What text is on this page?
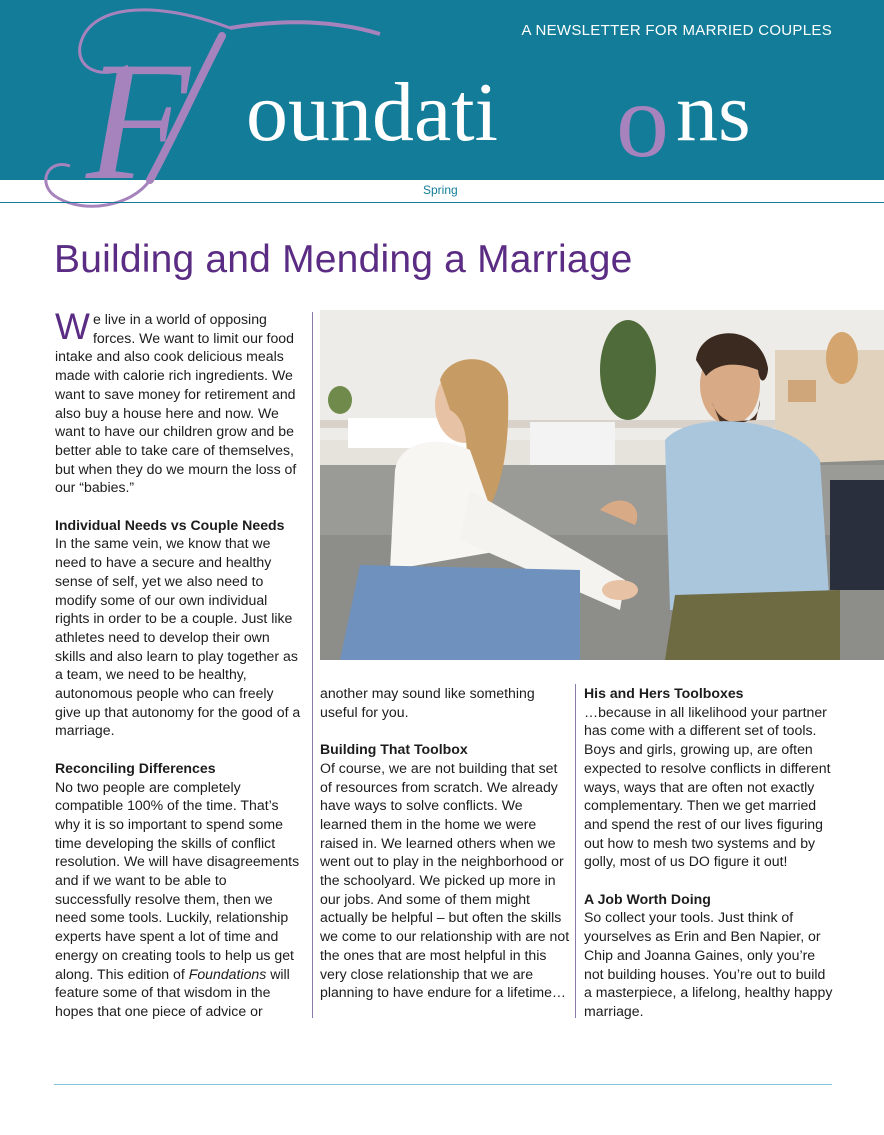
A NEWSLETTER FOR MARRIED COUPLES
F oundati o ns
Spring
Building and Mending a Marriage

We live in a world of opposing forces. We want to limit our food intake and also cook delicious meals made with calorie rich ingredients. We want to save money for retirement and also buy a house here and now. We want to have our children grow and be better able to take care of themselves, but when they do we mourn the loss of our “babies.”

Individual Needs vs Couple Needs

In the same vein, we know that we need to have a secure and healthy sense of self, yet we also need to modify some of our own individual rights in order to be a couple. Just like athletes need to develop their own skills and also learn to play together as a team, we need to be healthy, autonomous people who can freely give up that autonomy for the good of a marriage.

Reconciling Differences

No two people are completely compatible 100% of the time. That’s why it is so important to spend some time developing the skills of conflict resolution. We will have disagreements and if we want to be able to successfully resolve them, then we need some tools. Luckily, relationship experts have spent a lot of time and energy on creating tools to help us get along. This edition of Foundations will feature some of that wisdom in the hopes that one piece of advice or

another may sound like something useful for you.

Building That Toolbox

Of course, we are not building that set of resources from scratch. We already have ways to solve conflicts. We learned them in the home we were raised in. We learned others when we went out to play in the neighborhood or the schoolyard. We picked up more in our jobs. And some of them might actually be helpful – but often the skills we come to our relationship with are not the ones that are most helpful in this very close relationship that we are planning to have endure for a lifetime…

His and Hers Toolboxes

…because in all likelihood your partner has come with a different set of tools. Boys and girls, growing up, are often expected to resolve conflicts in different ways, ways that are often not exactly complementary. Then we get married and spend the rest of our lives figuring out how to mesh two systems and by golly, most of us DO figure it out!

A Job Worth Doing

So collect your tools. Just think of yourselves as Erin and Ben Napier, or Chip and Joanna Gaines, only you’re not building houses. You’re out to build a masterpiece, a lifelong, healthy happy marriage.
